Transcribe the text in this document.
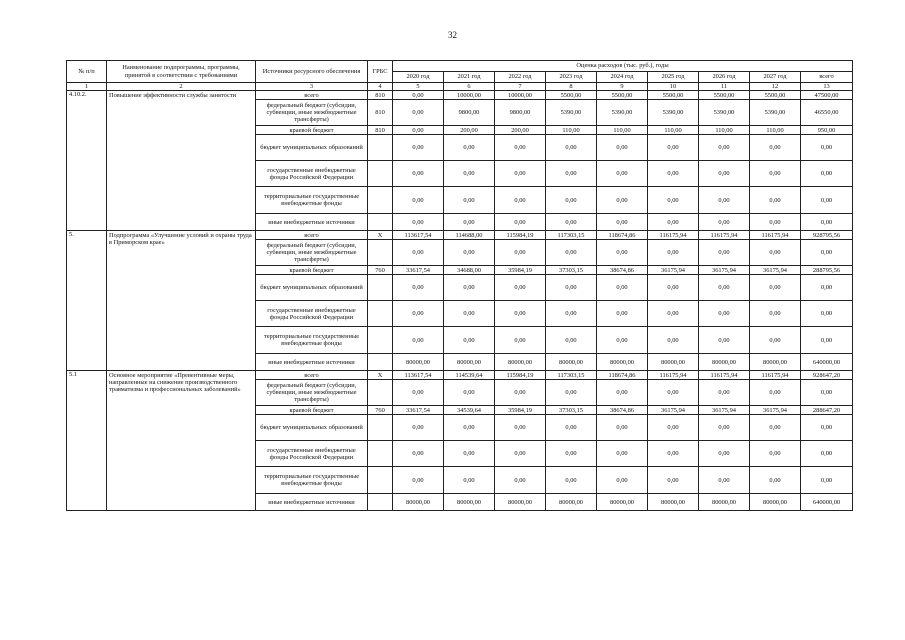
32
№ п/п	Наименование подпрограммы, программы, принятой в соответствии с требованиями	Источники ресурсного обеспечения	ГРБС	Оценка расходов (тыс. руб.), годы								
				2020 год	2021 год	2022 год	2023 год	2024 год	2025 год	2026 год	2027 год	всего
1	2	3	4	5	6	7	8	9	10	11	12	13
4.10.2.	Повышение эффективности службы занятости	всего	810	0,00	10000,00	10000,00	5500,00	5500,00	5500,00	5500,00	5500,00	47500,00
		федеральный бюджет (субсидии, субвенции, иные межбюджетные трансферты)	810	0,00	9800,00	9800,00	5390,00	5390,00	5390,00	5390,00	5390,00	46550,00
		краевой бюджет	810	0,00	200,00	200,00	110,00	110,00	110,00	110,00	110,00	950,00
		бюджет муниципальных образований		0,00	0,00	0,00	0,00	0,00	0,00	0,00	0,00	0,00
		государственные внебюджетные фонды Российской Федерации		0,00	0,00	0,00	0,00	0,00	0,00	0,00	0,00	0,00
		территориальные государственные внебюджетные фонды		0,00	0,00	0,00	0,00	0,00	0,00	0,00	0,00	0,00
		иные внебюджетные источники		0,00	0,00	0,00	0,00	0,00	0,00	0,00	0,00	0,00
5.	Подпрограмма «Улучшение условий и охраны труда в Приморском крае»	всего	X	113617,54	114688,00	115984,19	117303,15	118674,86	116175,94	116175,94	116175,94	928795,56
		федеральный бюджет (субсидии, субвенции, иные межбюджетные трансферты)		0,00	0,00	0,00	0,00	0,00	0,00	0,00	0,00	0,00
		краевой бюджет	760	33617,54	34688,00	35984,19	37303,15	38674,86	36175,94	36175,94	36175,94	288795,56
		бюджет муниципальных образований		0,00	0,00	0,00	0,00	0,00	0,00	0,00	0,00	0,00
		государственные внебюджетные фонды Российской Федерации		0,00	0,00	0,00	0,00	0,00	0,00	0,00	0,00	0,00
		территориальные государственные внебюджетные фонды		0,00	0,00	0,00	0,00	0,00	0,00	0,00	0,00	0,00
		иные внебюджетные источники		80000,00	80000,00	80000,00	80000,00	80000,00	80000,00	80000,00	80000,00	640000,00
5.1	Основное мероприятие «Превентивные меры, направленные на снижение производственного травматизма и профессиональных заболеваний»	всего	X	113617,54	114539,64	115984,19	117303,15	118674,86	116175,94	116175,94	116175,94	928647,20
		федеральный бюджет (субсидии, субвенции, иные межбюджетные трансферты)		0,00	0,00	0,00	0,00	0,00	0,00	0,00	0,00	0,00
		краевой бюджет	760	33617,54	34539,64	35984,19	37303,15	38674,86	36175,94	36175,94	36175,94	288647,20
		бюджет муниципальных образований		0,00	0,00	0,00	0,00	0,00	0,00	0,00	0,00	0,00
		государственные внебюджетные фонды Российской Федерации		0,00	0,00	0,00	0,00	0,00	0,00	0,00	0,00	0,00
		территориальные государственные внебюджетные фонды		0,00	0,00	0,00	0,00	0,00	0,00	0,00	0,00	0,00
		иные внебюджетные источники		80000,00	80000,00	80000,00	80000,00	80000,00	80000,00	80000,00	80000,00	640000,00
